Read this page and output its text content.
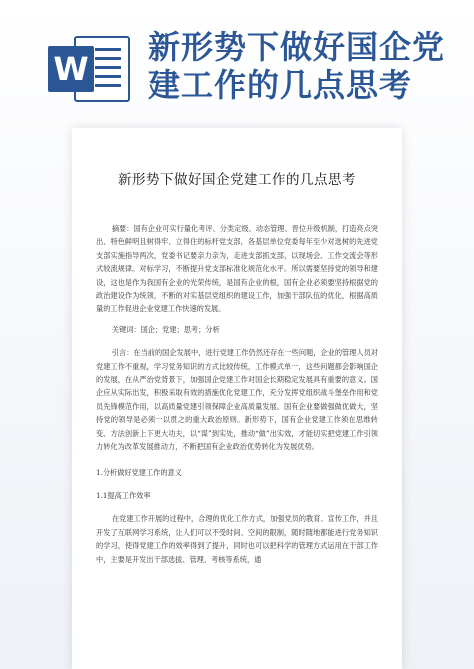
W
新形势下做好国企党建工作的几点思考
新形势下做好国企党建工作的几点思考

摘要：国有企业可实行量化考评、分类定级、动态管理、晋位升级机制，打造亮点突出、特色鲜明且树得牢、立得住的标杆党支部，各基层单位党委每年至少对选树的先进党支部实施指导两次，党委书记要亲力亲为，走进支部抓支部，以现场会、工作交流会等形式较流规律。对标学习，不断提升党支部标准化规范化水平。所以需要坚持党的领导和建设，这也是作为我国有企业的光荣传统，是国有企业的根，国有企业必须要坚持根据党的政治建设作为统领，不断的对实基层党组织的建设工作，加强干部队伍的优化，根据高质量的工作促进企业党建工作快速的发展。

关键词：国企；党建；思考；分析

引言：在当前的国企发展中，进行党建工作仍然还存在一些问题，企业的管理人员对党建工作不重视，学习党务知识的方式比较传统，工作模式单一，这些问题都会影响国企的发展，在从严治党背景下，加强国企党建工作对国企长期稳定发展具有重要的意义。国企应从实际出发，积极采取有效的措施优化党建工作，充分发挥党组织战斗堡垒作用和党员先锋模范作用，以高质量党建引领保障企业高质量发展。国有企业要做强做优做大，坚持党的领导是必须一以贯之的重大政治原则。新形势下，国有企业党建工作须在思维转变、方法创新上下更大功夫，以“谋”到实处，推动“做”出实效，才能切实把党建工作引领力转化为改革发展推动力，不断把国有企业政治优势转化为发展优势。

1.分析做好党建工作的意义

1.1提高工作效率

在党建工作开展的过程中，合理的优化工作方式，加强党员的教育、宣传工作，并且开发了互联网学习系统，让人们可以不受时间、空间的限制，随时随地都能进行党务知识的学习，使得党建工作的效率得到了提升，同时也可以把科学的管理方式运用在干部工作中，主要是开发出干部选拔、管理、考核等系统，通
